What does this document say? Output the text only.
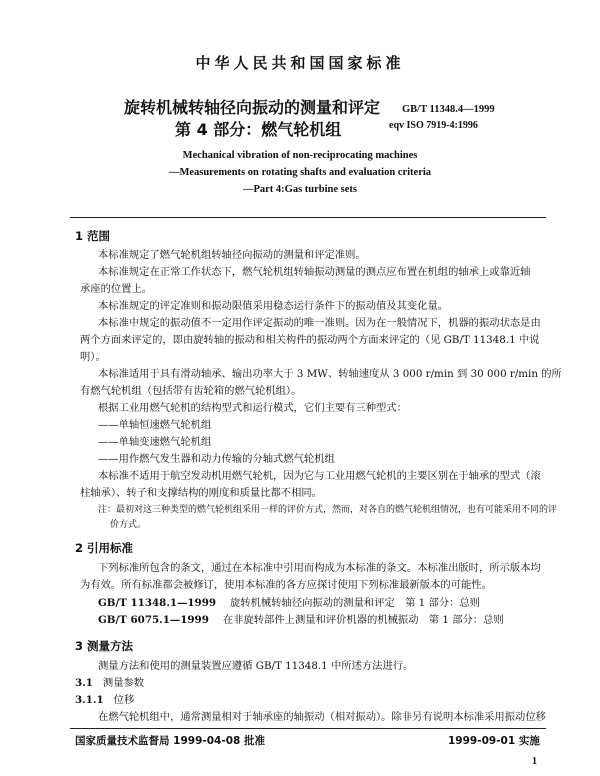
中华人民共和国国家标准
旋转机械转轴径向振动的测量和评定
第 4 部分：燃气轮机组
GB/T 11348.4—1999
eqv ISO 7919-4:1996
Mechanical vibration of non-reciprocating machines
—Measurements on rotating shafts and evaluation criteria
—Part 4:Gas turbine sets
1 范围
本标准规定了燃气轮机组转轴径向振动的测量和评定准则。
本标准规定在正常工作状态下，燃气轮机组转轴振动测量的测点应布置在机组的轴承上或靠近轴
承座的位置上。
本标准规定的评定准则和振动限值采用稳态运行条件下的振动值及其变化量。
本标准中规定的振动值不一定用作评定振动的唯一准则。因为在一般情况下，机器的振动状态是由
两个方面来评定的，即由旋转轴的振动和相关构件的振动两个方面来评定的（见 GB/T 11348.1 中说
明）。
本标准适用于具有滑动轴承、输出功率大于 3 MW、转轴速度从 3 000 r/min 到 30 000 r/min 的所
有燃气轮机组（包括带有齿轮箱的燃气轮机组）。
根据工业用燃气轮机的结构型式和运行模式，它们主要有三种型式：
——单轴恒速燃气轮机组
——单轴变速燃气轮机组
——用作燃气发生器和动力传输的分轴式燃气轮机组
本标准不适用于航空发动机用燃气轮机，因为它与工业用燃气轮机的主要区别在于轴承的型式（滚
柱轴承）、转子和支撑结构的刚度和质量比都不相同。
注：最初对这三种类型的燃气轮机组采用一样的评价方式，然而，对各自的燃气轮机组情况，也有可能采用不同的评
价方式。
2 引用标准
下列标准所包含的条文，通过在本标准中引用而构成为本标准的条文。本标准出版时，所示版本均
为有效。所有标准都会被修订，使用本标准的各方应探讨使用下列标准最新版本的可能性。
GB/T 11348.1—1999 旋转机械转轴径向振动的测量和评定　第 1 部分：总则
GB/T 6075.1—1999 在非旋转部件上测量和评价机器的机械振动　第 1 部分：总则
3 测量方法
测量方法和使用的测量装置应遵循 GB/T 11348.1 中所述方法进行。
3.1 测量参数
3.1.1 位移
在燃气轮机组中，通常测量相对于轴承座的轴振动（相对振动）。除非另有说明本标准采用振动位移
国家质量技术监督局 1999-04-08 批准	1999-09-01 实施
1
